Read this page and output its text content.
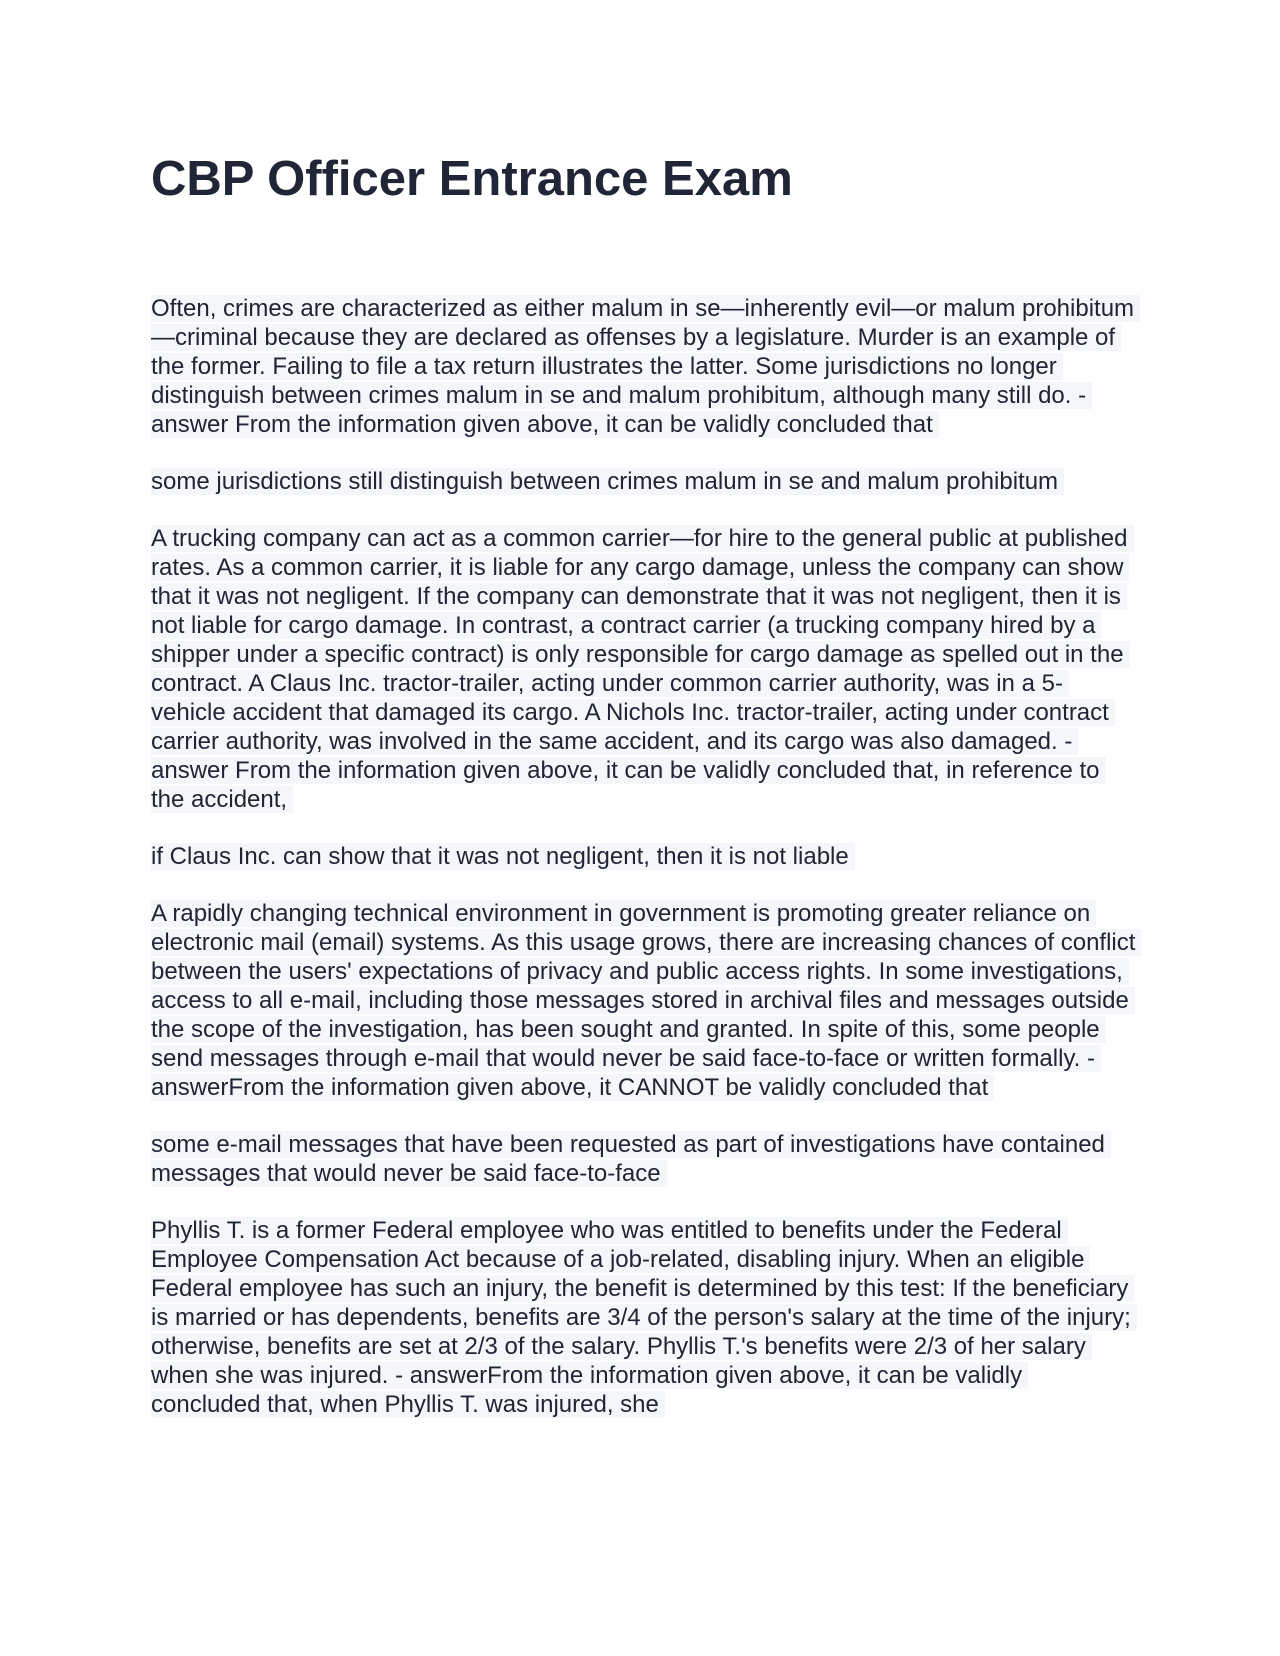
CBP Officer Entrance Exam

Often, crimes are characterized as either malum in se—inherently evil—or malum prohibitum—criminal because they are declared as offenses by a legislature. Murder is an example of the former. Failing to file a tax return illustrates the latter. Some jurisdictions no longer distinguish between crimes malum in se and malum prohibitum, although many still do. - answer From the information given above, it can be validly concluded that

some jurisdictions still distinguish between crimes malum in se and malum prohibitum

A trucking company can act as a common carrier—for hire to the general public at published rates. As a common carrier, it is liable for any cargo damage, unless the company can show that it was not negligent. If the company can demonstrate that it was not negligent, then it is not liable for cargo damage. In contrast, a contract carrier (a trucking company hired by a shipper under a specific contract) is only responsible for cargo damage as spelled out in the contract. A Claus Inc. tractor-trailer, acting under common carrier authority, was in a 5- vehicle accident that damaged its cargo. A Nichols Inc. tractor-trailer, acting under contract carrier authority, was involved in the same accident, and its cargo was also damaged. - answer From the information given above, it can be validly concluded that, in reference to the accident,

if Claus Inc. can show that it was not negligent, then it is not liable

A rapidly changing technical environment in government is promoting greater reliance on electronic mail (email) systems. As this usage grows, there are increasing chances of conflict between the users' expectations of privacy and public access rights. In some investigations, access to all e-mail, including those messages stored in archival files and messages outside the scope of the investigation, has been sought and granted. In spite of this, some people send messages through e-mail that would never be said face-to-face or written formally. - answerFrom the information given above, it CANNOT be validly concluded that

some e-mail messages that have been requested as part of investigations have contained messages that would never be said face-to-face

Phyllis T. is a former Federal employee who was entitled to benefits under the Federal Employee Compensation Act because of a job-related, disabling injury. When an eligible Federal employee has such an injury, the benefit is determined by this test: If the beneficiary is married or has dependents, benefits are 3/4 of the person's salary at the time of the injury; otherwise, benefits are set at 2/3 of the salary. Phyllis T.'s benefits were 2/3 of her salary when she was injured. - answerFrom the information given above, it can be validly concluded that, when Phyllis T. was injured, she
